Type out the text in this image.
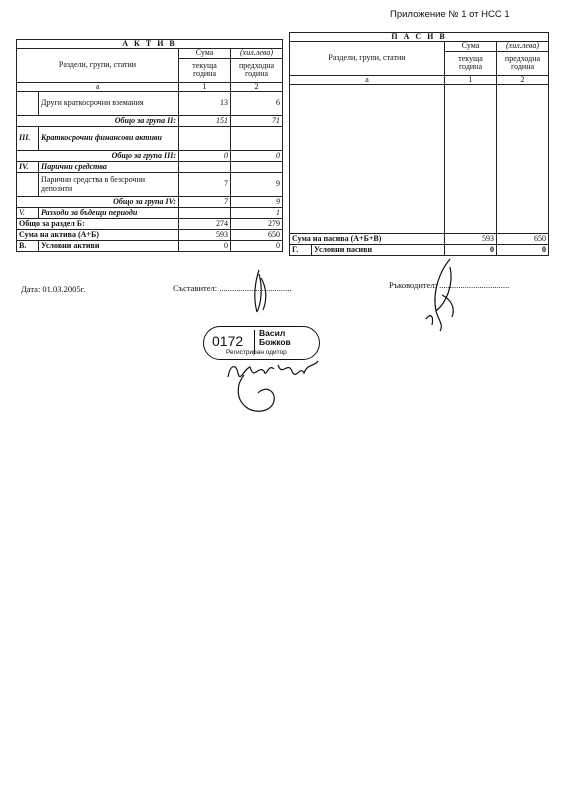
Приложение № 1 от НСС 1
А К Т И В			
Раздели, групи, статии		Сума	(хил.лева)
		текуща година	предходна година
а		1	2
	Други краткосрочни вземания	13	6
Общо за група II:		151	71
III.	Краткосрочни финансови активи		
Общо за група III:		0	0
IV.	Парични средства		
	Парични средства в безсрочни депозити	7	9
Общо за група IV:		7	9
V.	Разходи за бъдещи периоди		1
Общо за раздел Б:		274	279
Сума на актива (А+Б)		593	650
В.	Условни активи	0	0
П А С И В			
Раздели, групи, статии		Сума	(хил.лева)
		текуща година	предходна година
а		1	2

Сума на пасива (А+Б+В)		593	650
Г.	Условни пасиви	0	0
Дата: 01.03.2005г.	Съставител: ..................................	Ръководител: .................................
0172 Васил
Божков
Регистриран одитор
